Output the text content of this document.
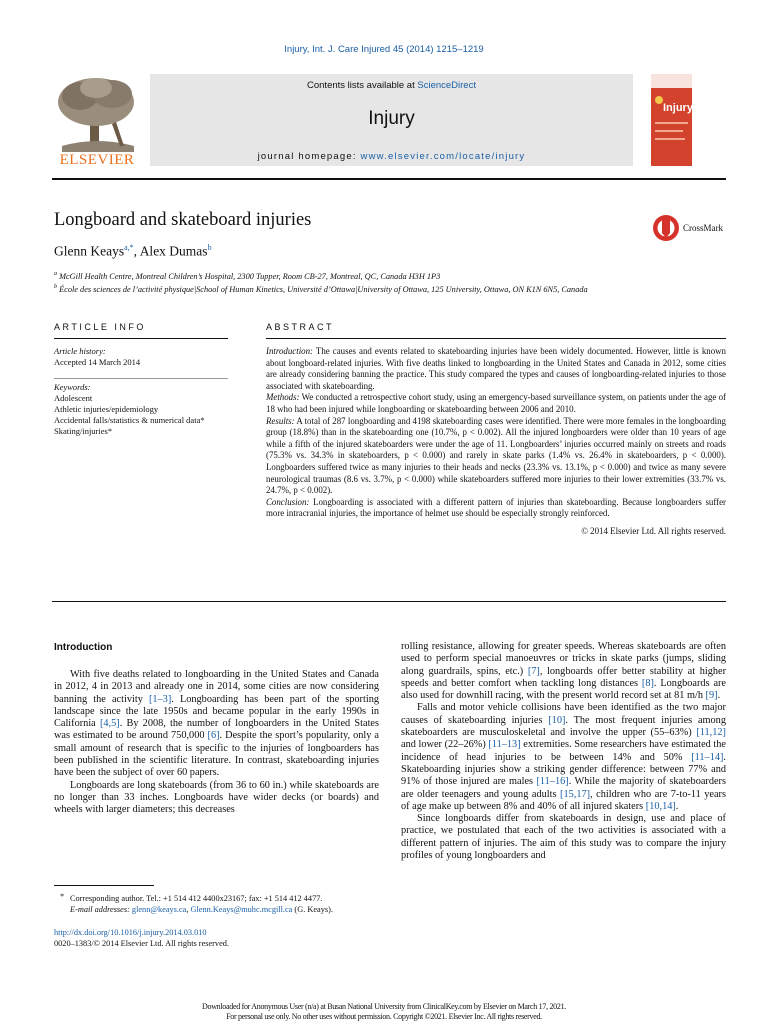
Injury, Int. J. Care Injured 45 (2014) 1215–1219
ELSEVIER
Contents lists available at ScienceDirect
Injury
journal homepage: www.elsevier.com/locate/injury
Injury
Longboard and skateboard injuries	CrossMark
Glenn Keays$^{a,*}$, Alex Dumas$^b$
$^a$ McGill Health Centre, Montreal Children’s Hospital, 2300 Tupper, Room CB-27, Montreal, QC, Canada H3H 1P3
$^b$ École des sciences de l’activité physique|School of Human Kinetics, Université d’Ottawa|University of Ottawa, 125 University, Ottawa, ON K1N 6N5, Canada
ARTICLE INFO
Article history:
Accepted 14 March 2014
Keywords:
Adolescent
Athletic injuries/epidemiology
Accidental falls/statistics & numerical data*
Skating/injuries*
ABSTRACT
Introduction: The causes and events related to skateboarding injuries have been widely documented. However, little is known about longboard-related injuries. With five deaths linked to longboarding in the United States and Canada in 2012, some cities are already considering banning the practice. This study compared the types and causes of longboarding-related injuries to those associated with skateboarding.
Methods: We conducted a retrospective cohort study, using an emergency-based surveillance system, on patients under the age of 18 who had been injured while longboarding or skateboarding between 2006 and 2010.
Results: A total of 287 longboarding and 4198 skateboarding cases were identified. There were more females in the longboarding group (18.8%) than in the skateboarding one (10.7%, p < 0.002). All the injured longboarders were older than 10 years of age while a fifth of the injured skateboarders were under the age of 11. Longboarders’ injuries occurred mainly on streets and roads (75.3% vs. 34.3% in skateboarders, p < 0.000) and rarely in skate parks (1.4% vs. 26.4% in skateboarders, p < 0.000). Longboarders suffered twice as many injuries to their heads and necks (23.3% vs. 13.1%, p < 0.000) and twice as many severe neurological traumas (8.6 vs. 3.7%, p < 0.000) while skateboarders suffered more injuries to their lower extremities (33.7% vs. 24.7%, p < 0.002).
Conclusion: Longboarding is associated with a different pattern of injuries than skateboarding. Because longboarders suffer more intracranial injuries, the importance of helmet use should be especially strongly reinforced.
© 2014 Elsevier Ltd. All rights reserved.
Introduction

With five deaths related to longboarding in the United States and Canada in 2012, 4 in 2013 and already one in 2014, some cities are now considering banning the activity [1–3]. Longboarding has been part of the sporting landscape since the late 1950s and became popular in the early 1990s in California [4,5]. By 2008, the number of longboarders in the United States was estimated to be around 750,000 [6]. Despite the sport’s popularity, only a small amount of research that is specific to the injuries of longboarders has been published in the scientific literature. In contrast, skateboarding injuries have been the subject of over 60 papers.

Longboards are long skateboards (from 36 to 60 in.) while skateboards are no longer than 33 inches. Longboards have wider decks (or boards) and wheels with larger diameters; this decreases

rolling resistance, allowing for greater speeds. Whereas skateboards are often used to perform special manoeuvres or tricks in skate parks (jumps, sliding along guardrails, spins, etc.) [7], longboards offer better stability at higher speeds and better comfort when tackling long distances [8]. Longboards are also used for downhill racing, with the present world record set at 81 m/h [9].

Falls and motor vehicle collisions have been identified as the two major causes of skateboarding injuries [10]. The most frequent injuries among skateboarders are musculoskeletal and involve the upper (55–63%) [11,12] and lower (22–26%) [11–13] extremities. Some researchers have estimated the incidence of head injuries to be between 14% and 50% [11–14]. Skateboarding injuries show a striking gender difference: between 77% and 91% of those injured are males [11–16]. While the majority of skateboarders are older teenagers and young adults [15,17], children who are 7-to-11 years of age make up between 8% and 40% of all injured skaters [10,14].

Since longboards differ from skateboards in design, use and place of practice, we postulated that each of the two activities is associated with a different pattern of injuries. The aim of this study was to compare the injury profiles of young longboarders and

* Corresponding author. Tel.: +1 514 412 4400x23167; fax: +1 514 412 4477.
E-mail addresses: glenn@keays.ca, Glenn.Keays@muhc.mcgill.ca (G. Keays).
http://dx.doi.org/10.1016/j.injury.2014.03.010
0020–1383/© 2014 Elsevier Ltd. All rights reserved.
Downloaded for Anonymous User (n/a) at Busan National University from ClinicalKey.com by Elsevier on March 17, 2021.
For personal use only. No other uses without permission. Copyright ©2021. Elsevier Inc. All rights reserved.
